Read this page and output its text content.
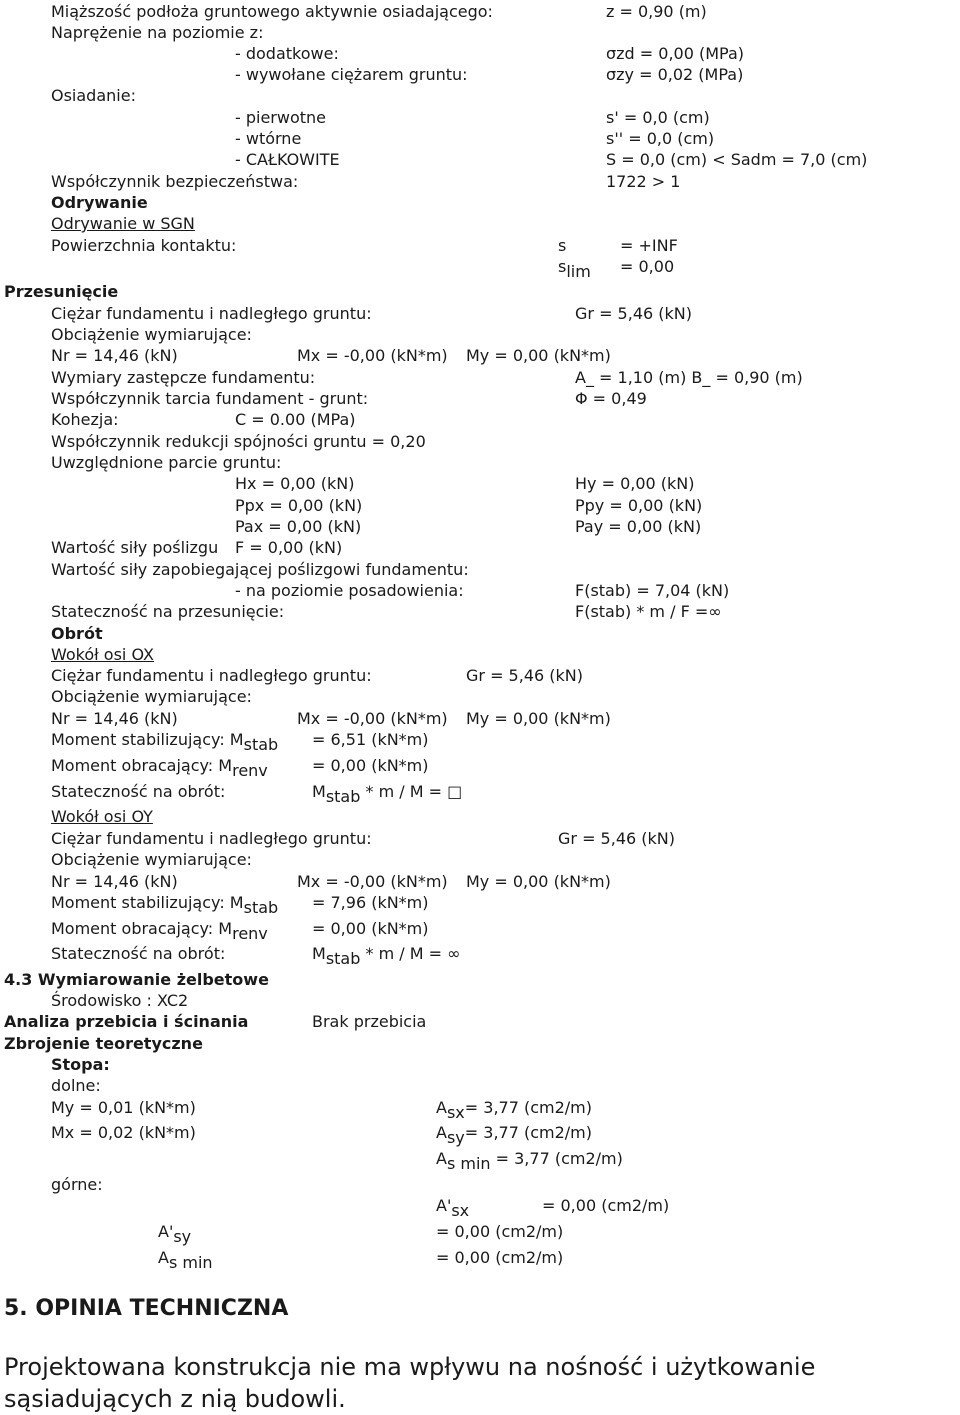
Miąższość podłoża gruntowego aktywnie osiadającego:	z = 0,90 (m)
Naprężenie na poziomie z:
- dodatkowe:	σzd = 0,00 (MPa)
- wywołane ciężarem gruntu:	σzy = 0,02 (MPa)
Osiadanie:
- pierwotne	s' = 0,0 (cm)
- wtórne	s'' = 0,0 (cm)
- CAŁKOWITE	S = 0,0 (cm) < Sadm = 7,0 (cm)
Współczynnik bezpieczeństwa:	1722 > 1
Odrywanie
Odrywanie w SGN
Powierzchnia kontaktu:	s	= +INF
slim = 0,00
Przesunięcie
Ciężar fundamentu i nadległego gruntu:	Gr = 5,46 (kN)
Obciążenie wymiarujące:
Nr = 14,46 (kN)	Mx = -0,00 (kN*m) My = 0,00 (kN*m)
Wymiary zastępcze fundamentu:	A_ = 1,10 (m) B_ = 0,90 (m)
Współczynnik tarcia fundament - grunt:	Φ = 0,49
Kohezja:	C = 0.00 (MPa)
Współczynnik redukcji spójności gruntu = 0,20
Uwzględnione parcie gruntu:
Hx = 0,00 (kN)	Hy = 0,00 (kN)
Ppx = 0,00 (kN)	Ppy = 0,00 (kN)
Pax = 0,00 (kN)	Pay = 0,00 (kN)
Wartość siły poślizgu F = 0,00 (kN)
Wartość siły zapobiegającej poślizgowi fundamentu:
- na poziomie posadowienia:	F(stab) = 7,04 (kN)
Stateczność na przesunięcie:	F(stab) * m / F =∞
Obrót
Wokół osi OX
Ciężar fundamentu i nadległego gruntu:	Gr = 5,46 (kN)
Obciążenie wymiarujące:
Nr = 14,46 (kN)	Mx = -0,00 (kN*m) My = 0,00 (kN*m)
Moment stabilizujący: Mstab = 6,51 (kN*m)
Moment obracający: Mrenv	= 0,00 (kN*m)
Stateczność na obrót:	Mstab * m / M = □
Wokół osi OY
Ciężar fundamentu i nadległego gruntu:	Gr = 5,46 (kN)
Obciążenie wymiarujące:
Nr = 14,46 (kN)	Mx = -0,00 (kN*m) My = 0,00 (kN*m)
Moment stabilizujący: Mstab = 7,96 (kN*m)
Moment obracający: Mrenv	= 0,00 (kN*m)
Stateczność na obrót:	Mstab * m / M = ∞
4.3 Wymiarowanie żelbetowe
Środowisko : XC2
Analiza przebicia i ścinania	Brak przebicia
Zbrojenie teoretyczne
Stopa:
dolne:
My = 0,01 (kN*m)	Asx= 3,77 (cm2/m)
Mx = 0,02 (kN*m)	Asy= 3,77 (cm2/m)
As min = 3,77 (cm2/m)
górne:
A'sx	= 0,00 (cm2/m)
A'sy	= 0,00 (cm2/m)
As min	= 0,00 (cm2/m)
5. OPINIA TECHNICZNA
Projektowana konstrukcja nie ma wpływu na nośność i użytkowanie sąsiadujących z nią budowli.
